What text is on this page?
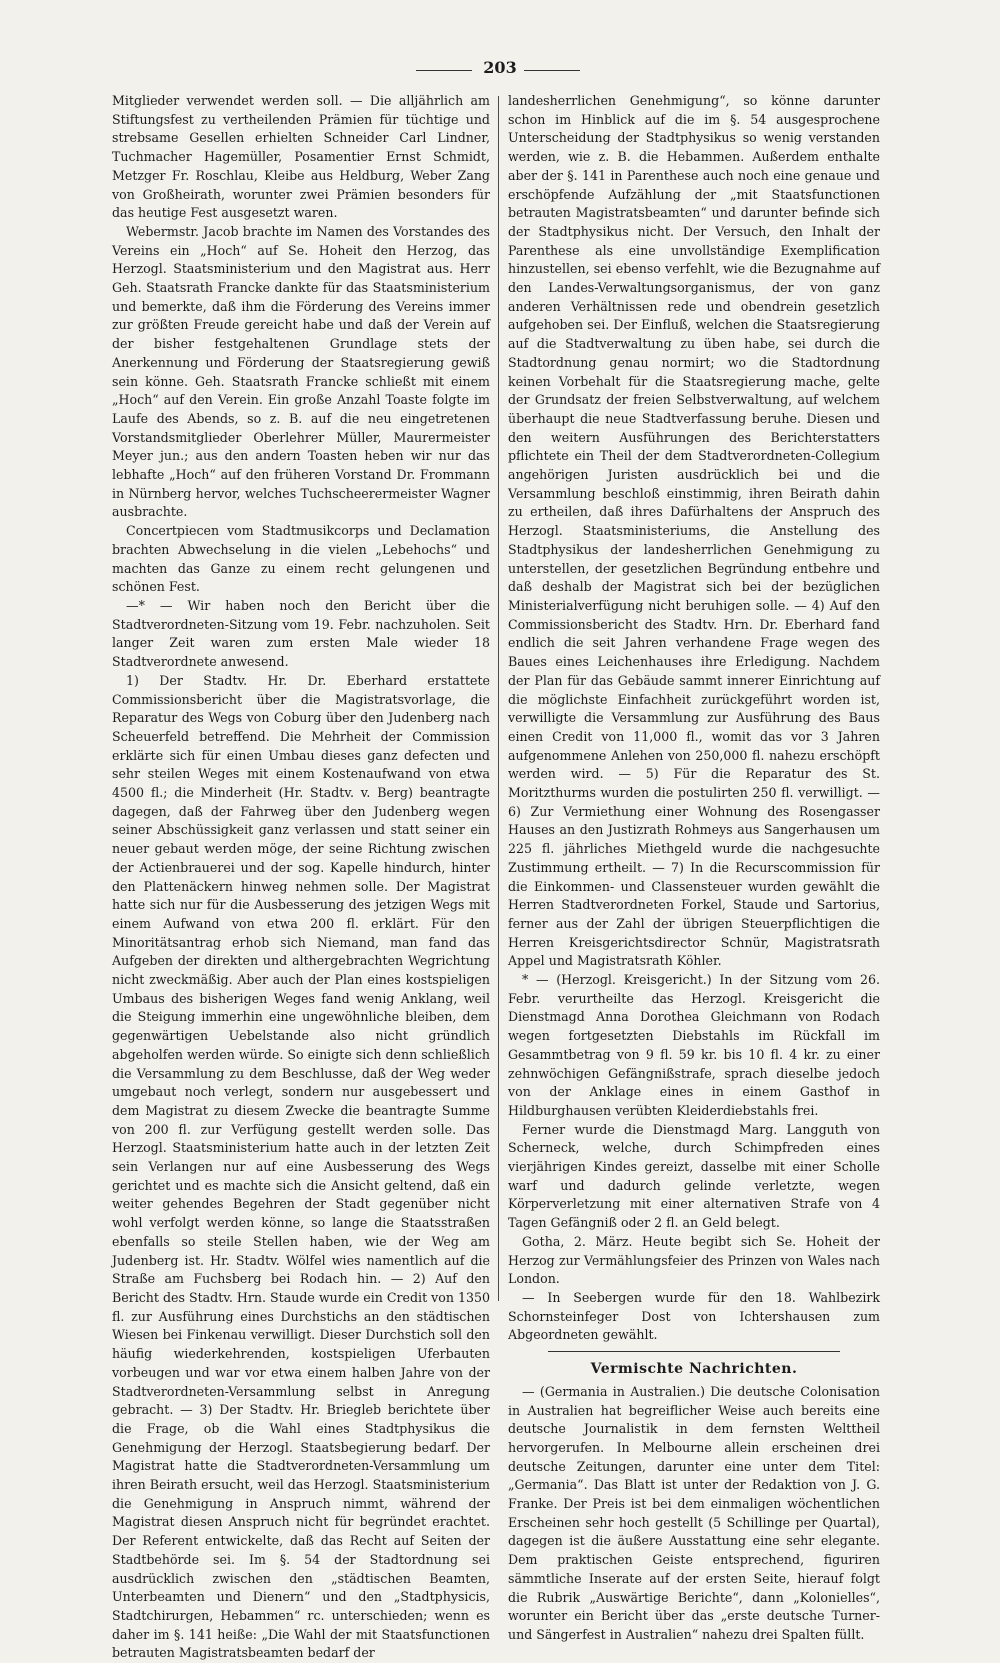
203

Mitglieder verwendet werden soll. — Die alljährlich am Stiftungsfest zu vertheilenden Prämien für tüchtige und strebsame Gesellen erhielten Schneider Carl Lindner, Tuchmacher Hagemüller, Posamentier Ernst Schmidt, Metzger Fr. Roschlau, Kleibe aus Heldburg, Weber Zang von Großheirath, worunter zwei Prämien besonders für das heutige Fest ausgesetzt waren.

Webermstr. Jacob brachte im Namen des Vorstandes des Vereins ein „Hoch“ auf Se. Hoheit den Herzog, das Herzogl. Staatsministerium und den Magistrat aus. Herr Geh. Staatsrath Francke dankte für das Staatsministerium und bemerkte, daß ihm die Förderung des Vereins immer zur größten Freude gereicht habe und daß der Verein auf der bisher festgehaltenen Grundlage stets der Anerkennung und Förderung der Staatsregierung gewiß sein könne. Geh. Staatsrath Francke schließt mit einem „Hoch“ auf den Verein. Ein große Anzahl Toaste folgte im Laufe des Abends, so z. B. auf die neu eingetretenen Vorstandsmitglieder Oberlehrer Müller, Maurermeister Meyer jun.; aus den andern Toasten heben wir nur das lebhafte „Hoch“ auf den früheren Vorstand Dr. Frommann in Nürnberg hervor, welches Tuchscheerermeister Wagner ausbrachte.

Concertpiecen vom Stadtmusikcorps und Declamation brachten Abwechselung in die vielen „Lebehochs“ und machten das Ganze zu einem recht gelungenen und schönen Fest.

—* — Wir haben noch den Bericht über die Stadtverordneten-Sitzung vom 19. Febr. nachzuholen. Seit langer Zeit waren zum ersten Male wieder 18 Stadtverordnete anwesend.

1) Der Stadtv. Hr. Dr. Eberhard erstattete Commissionsbericht über die Magistratsvorlage, die Reparatur des Wegs von Coburg über den Judenberg nach Scheuerfeld betreffend. Die Mehrheit der Commission erklärte sich für einen Umbau dieses ganz defecten und sehr steilen Weges mit einem Kostenaufwand von etwa 4500 fl.; die Minderheit (Hr. Stadtv. v. Berg) beantragte dagegen, daß der Fahrweg über den Judenberg wegen seiner Abschüssigkeit ganz verlassen und statt seiner ein neuer gebaut werden möge, der seine Richtung zwischen der Actienbrauerei und der sog. Kapelle hindurch, hinter den Plattenäckern hinweg nehmen solle. Der Magistrat hatte sich nur für die Ausbesserung des jetzigen Wegs mit einem Aufwand von etwa 200 fl. erklärt. Für den Minoritätsantrag erhob sich Niemand, man fand das Aufgeben der direkten und althergebrachten Wegrichtung nicht zweckmäßig. Aber auch der Plan eines kostspieligen Umbaus des bisherigen Weges fand wenig Anklang, weil die Steigung immerhin eine ungewöhnliche bleiben, dem gegenwärtigen Uebelstande also nicht gründlich abgeholfen werden würde. So einigte sich denn schließlich die Versammlung zu dem Beschlusse, daß der Weg weder umgebaut noch verlegt, sondern nur ausgebessert und dem Magistrat zu diesem Zwecke die beantragte Summe von 200 fl. zur Verfügung gestellt werden solle. Das Herzogl. Staatsministerium hatte auch in der letzten Zeit sein Verlangen nur auf eine Ausbesserung des Wegs gerichtet und es machte sich die Ansicht geltend, daß ein weiter gehendes Begehren der Stadt gegenüber nicht wohl verfolgt werden könne, so lange die Staatsstraßen ebenfalls so steile Stellen haben, wie der Weg am Judenberg ist. Hr. Stadtv. Wölfel wies namentlich auf die Straße am Fuchsberg bei Rodach hin. — 2) Auf den Bericht des Stadtv. Hrn. Staude wurde ein Credit von 1350 fl. zur Ausführung eines Durchstichs an den städtischen Wiesen bei Finkenau verwilligt. Dieser Durchstich soll den häufig wiederkehrenden, kostspieligen Uferbauten vorbeugen und war vor etwa einem halben Jahre von der Stadtverordneten-Versammlung selbst in Anregung gebracht. — 3) Der Stadtv. Hr. Briegleb berichtete über die Frage, ob die Wahl eines Stadtphysikus die Genehmigung der Herzogl. Staatsbegierung bedarf. Der Magistrat hatte die Stadtverordneten-Versammlung um ihren Beirath ersucht, weil das Herzogl. Staatsministerium die Genehmigung in Anspruch nimmt, während der Magistrat diesen Anspruch nicht für begründet erachtet. Der Referent entwickelte, daß das Recht auf Seiten der Stadtbehörde sei. Im §. 54 der Stadtordnung sei ausdrücklich zwischen den „städtischen Beamten, Unterbeamten und Dienern“ und den „Stadtphysicis, Stadtchirurgen, Hebammen“ rc. unterschieden; wenn es daher im §. 141 heiße: „Die Wahl der mit Staatsfunctionen betrauten Magistratsbeamten bedarf der

landesherrlichen Genehmigung“, so könne darunter schon im Hinblick auf die im §. 54 ausgesprochene Unterscheidung der Stadtphysikus so wenig verstanden werden, wie z. B. die Hebammen. Außerdem enthalte aber der §. 141 in Parenthese auch noch eine genaue und erschöpfende Aufzählung der „mit Staatsfunctionen betrauten Magistratsbeamten“ und darunter befinde sich der Stadtphysikus nicht. Der Versuch, den Inhalt der Parenthese als eine unvollständige Exemplification hinzustellen, sei ebenso verfehlt, wie die Bezugnahme auf den Landes-Verwaltungsorganismus, der von ganz anderen Verhältnissen rede und obendrein gesetzlich aufgehoben sei. Der Einfluß, welchen die Staatsregierung auf die Stadtverwaltung zu üben habe, sei durch die Stadtordnung genau normirt; wo die Stadtordnung keinen Vorbehalt für die Staatsregierung mache, gelte der Grundsatz der freien Selbstverwaltung, auf welchem überhaupt die neue Stadtverfassung beruhe. Diesen und den weitern Ausführungen des Berichterstatters pflichtete ein Theil der dem Stadtverordneten-Collegium angehörigen Juristen ausdrücklich bei und die Versammlung beschloß einstimmig, ihren Beirath dahin zu ertheilen, daß ihres Dafürhaltens der Anspruch des Herzogl. Staatsministeriums, die Anstellung des Stadtphysikus der landesherrlichen Genehmigung zu unterstellen, der gesetzlichen Begründung entbehre und daß deshalb der Magistrat sich bei der bezüglichen Ministerialverfügung nicht beruhigen solle. — 4) Auf den Commissionsbericht des Stadtv. Hrn. Dr. Eberhard fand endlich die seit Jahren verhandene Frage wegen des Baues eines Leichenhauses ihre Erledigung. Nachdem der Plan für das Gebäude sammt innerer Einrichtung auf die möglichste Einfachheit zurückgeführt worden ist, verwilligte die Versammlung zur Ausführung des Baus einen Credit von 11,000 fl., womit das vor 3 Jahren aufgenommene Anlehen von 250,000 fl. nahezu erschöpft werden wird. — 5) Für die Reparatur des St. Moritzthurms wurden die postulirten 250 fl. verwilligt. — 6) Zur Vermiethung einer Wohnung des Rosengasser Hauses an den Justizrath Rohmeys aus Sangerhausen um 225 fl. jährliches Miethgeld wurde die nachgesuchte Zustimmung ertheilt. — 7) In die Recurscommission für die Einkommen- und Classensteuer wurden gewählt die Herren Stadtverordneten Forkel, Staude und Sartorius, ferner aus der Zahl der übrigen Steuerpflichtigen die Herren Kreisgerichtsdirector Schnür, Magistratsrath Appel und Magistratsrath Köhler.

* — (Herzogl. Kreisgericht.) In der Sitzung vom 26. Febr. verurtheilte das Herzogl. Kreisgericht die Dienstmagd Anna Dorothea Gleichmann von Rodach wegen fortgesetzten Diebstahls im Rückfall im Gesammtbetrag von 9 fl. 59 kr. bis 10 fl. 4 kr. zu einer zehnwöchigen Gefängnißstrafe, sprach dieselbe jedoch von der Anklage eines in einem Gasthof in Hildburghausen verübten Kleiderdiebstahls frei.

Ferner wurde die Dienstmagd Marg. Langguth von Scherneck, welche, durch Schimpfreden eines vierjährigen Kindes gereizt, dasselbe mit einer Scholle warf und dadurch gelinde verletzte, wegen Körperverletzung mit einer alternativen Strafe von 4 Tagen Gefängniß oder 2 fl. an Geld belegt.

Gotha, 2. März. Heute begibt sich Se. Hoheit der Herzog zur Vermählungsfeier des Prinzen von Wales nach London.

— In Seebergen wurde für den 18. Wahlbezirk Schornsteinfeger Dost von Ichtershausen zum Abgeordneten gewählt.

Vermischte Nachrichten.

— (Germania in Australien.) Die deutsche Colonisation in Australien hat begreiflicher Weise auch bereits eine deutsche Journalistik in dem fernsten Welttheil hervorgerufen. In Melbourne allein erscheinen drei deutsche Zeitungen, darunter eine unter dem Titel: „Germania“. Das Blatt ist unter der Redaktion von J. G. Franke. Der Preis ist bei dem einmaligen wöchentlichen Erscheinen sehr hoch gestellt (5 Schillinge per Quartal), dagegen ist die äußere Ausstattung eine sehr elegante. Dem praktischen Geiste entsprechend, figuriren sämmtliche Inserate auf der ersten Seite, hierauf folgt die Rubrik „Auswärtige Berichte“, dann „Kolonielles“, worunter ein Bericht über das „erste deutsche Turner- und Sängerfest in Australien“ nahezu drei Spalten füllt.
